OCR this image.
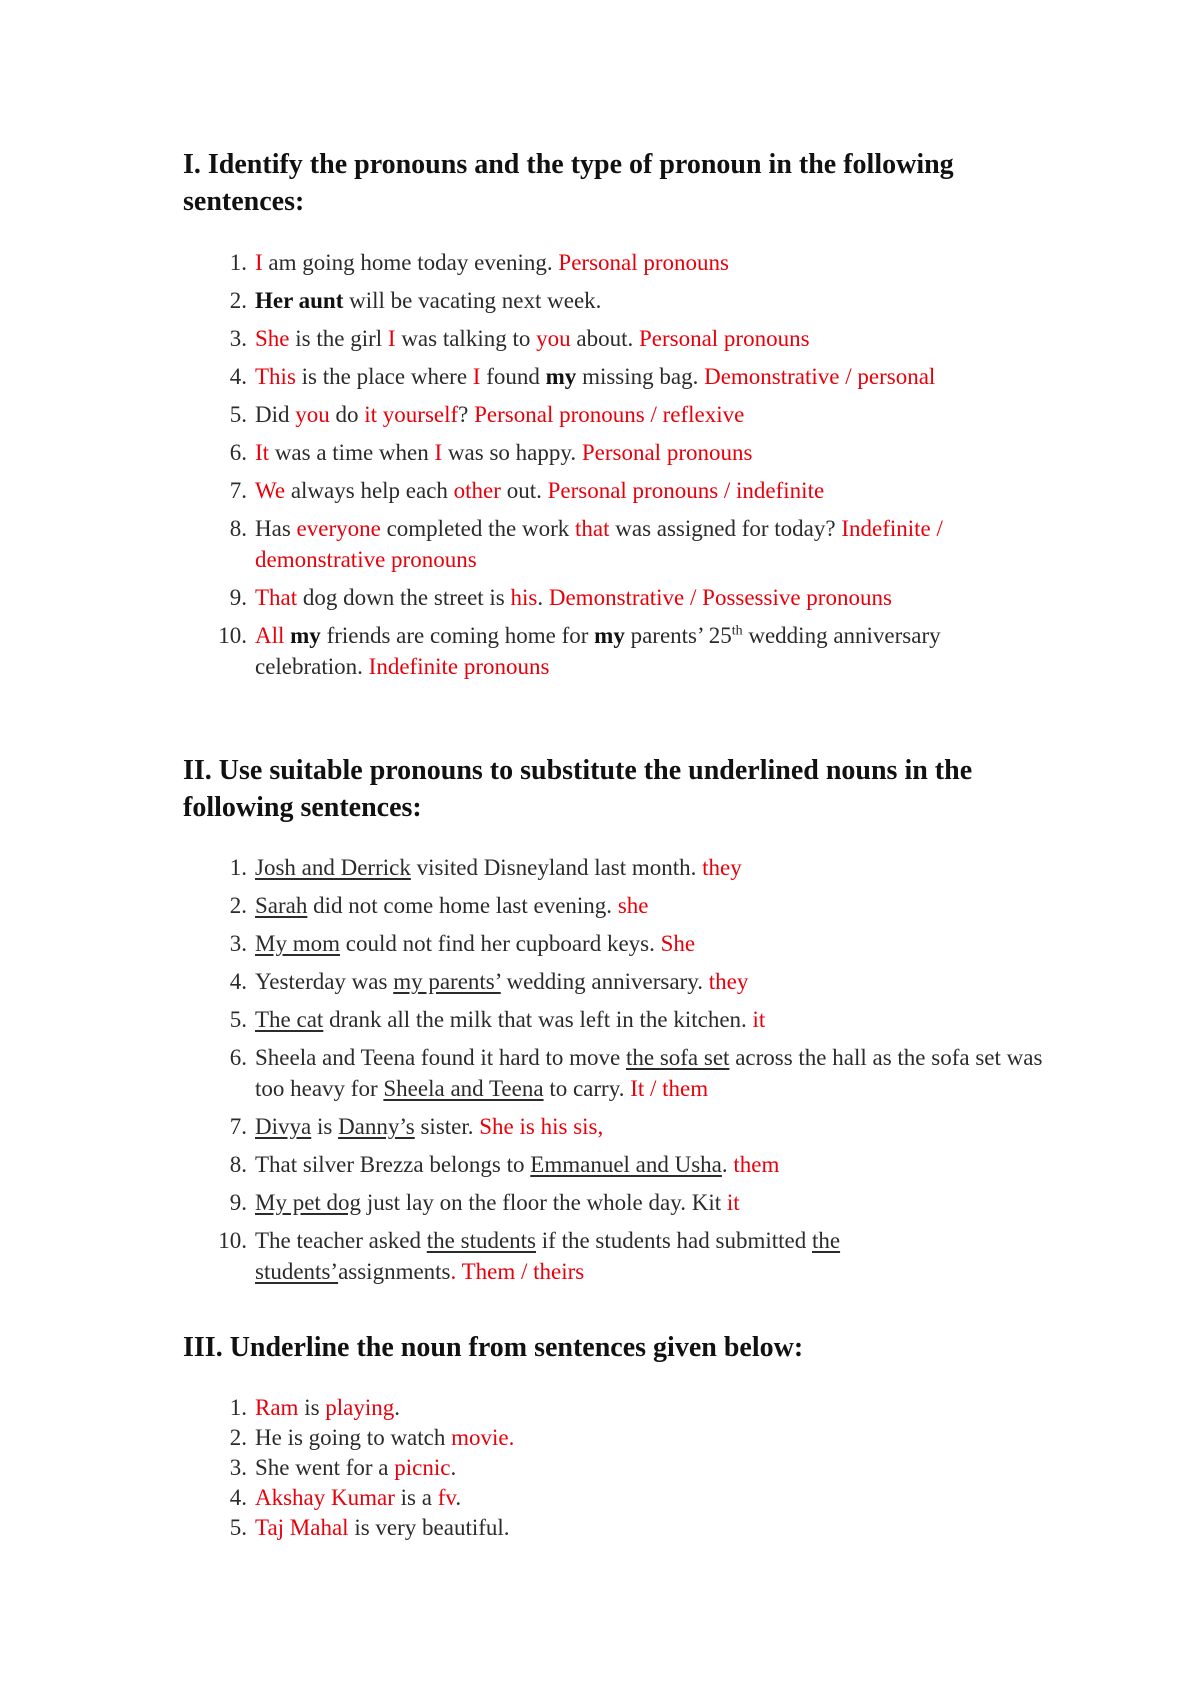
I. Identify the pronouns and the type of pronoun in the following sentences:
1. I am going home today evening. Personal pronouns
2. Her aunt will be vacating next week.
3. She is the girl I was talking to you about. Personal pronouns
4. This is the place where I found my missing bag. Demonstrative / personal
5. Did you do it yourself? Personal pronouns / reflexive
6. It was a time when I was so happy. Personal pronouns
7. We always help each other out. Personal pronouns / indefinite
8. Has everyone completed the work that was assigned for today? Indefinite / demonstrative pronouns
9. That dog down the street is his. Demonstrative / Possessive pronouns
10. All my friends are coming home for my parents’ 25th wedding anniversary celebration. Indefinite pronouns
II. Use suitable pronouns to substitute the underlined nouns in the following sentences:
1. Josh and Derrick visited Disneyland last month. they
2. Sarah did not come home last evening. she
3. My mom could not find her cupboard keys. She
4. Yesterday was my parents’ wedding anniversary. they
5. The cat drank all the milk that was left in the kitchen. it
6. Sheela and Teena found it hard to move the sofa set across the hall as the sofa set was too heavy for Sheela and Teena to carry. It / them
7. Divya is Danny’s sister. She is his sis,
8. That silver Brezza belongs to Emmanuel and Usha. them
9. My pet dog just lay on the floor the whole day. Kit it
10. The teacher asked the students if the students had submitted the students’assignments. Them / theirs
III. Underline the noun from sentences given below:
1. Ram is playing.
2. He is going to watch movie.
3. She went for a picnic.
4. Akshay Kumar is a fv.
5. Taj Mahal is very beautiful.
